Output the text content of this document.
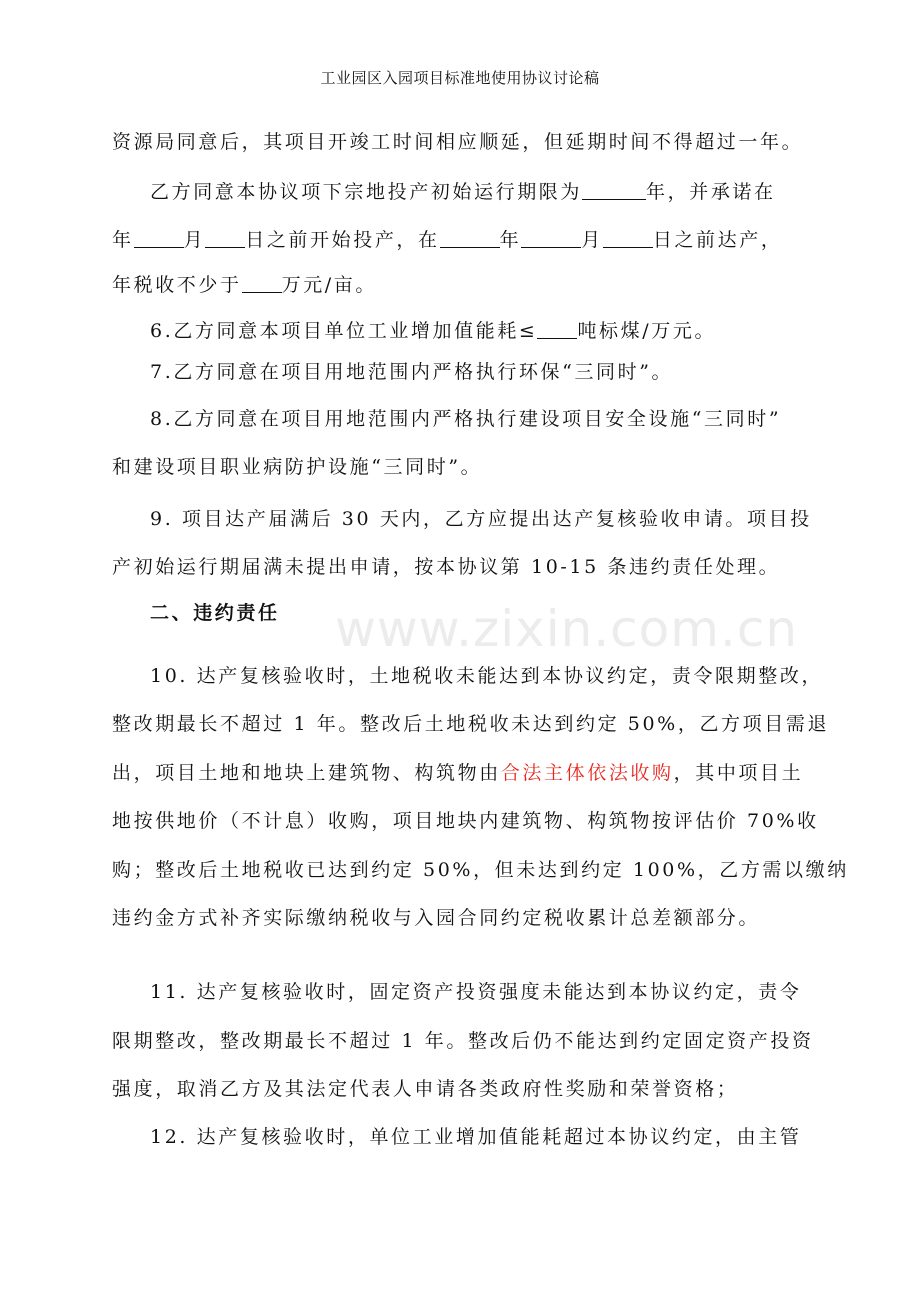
工业园区入园项目标准地使用协议讨论稿
www.zixin.com.cn
资源局同意后，其项目开竣工时间相应顺延，但延期时间不得超过一年。
乙方同意本协议项下宗地投产初始运行期限为	年，并承诺在
年	月 日之前开始投产，在	年	月	日之前达产，
年税收不少于 万元/亩。
6.乙方同意本项目单位工业增加值能耗≤ 吨标煤/万元。
7.乙方同意在项目用地范围内严格执行环保“三同时”。
8.乙方同意在项目用地范围内严格执行建设项目安全设施“三同时”
和建设项目职业病防护设施“三同时”。
9. 项目达产届满后 30 天内，乙方应提出达产复核验收申请。项目投
产初始运行期届满未提出申请，按本协议第 10-15 条违约责任处理。
二、违约责任
10. 达产复核验收时，土地税收未能达到本协议约定，责令限期整改，
整改期最长不超过 1 年。整改后土地税收未达到约定 50%，乙方项目需退
出，项目土地和地块上建筑物、构筑物由合法主体依法收购，其中项目土
地按供地价（不计息）收购，项目地块内建筑物、构筑物按评估价 70%收
购；整改后土地税收已达到约定 50%，但未达到约定 100%，乙方需以缴纳
违约金方式补齐实际缴纳税收与入园合同约定税收累计总差额部分。
11. 达产复核验收时，固定资产投资强度未能达到本协议约定，责令
限期整改，整改期最长不超过 1 年。整改后仍不能达到约定固定资产投资
强度，取消乙方及其法定代表人申请各类政府性奖励和荣誉资格；
12. 达产复核验收时，单位工业增加值能耗超过本协议约定，由主管
